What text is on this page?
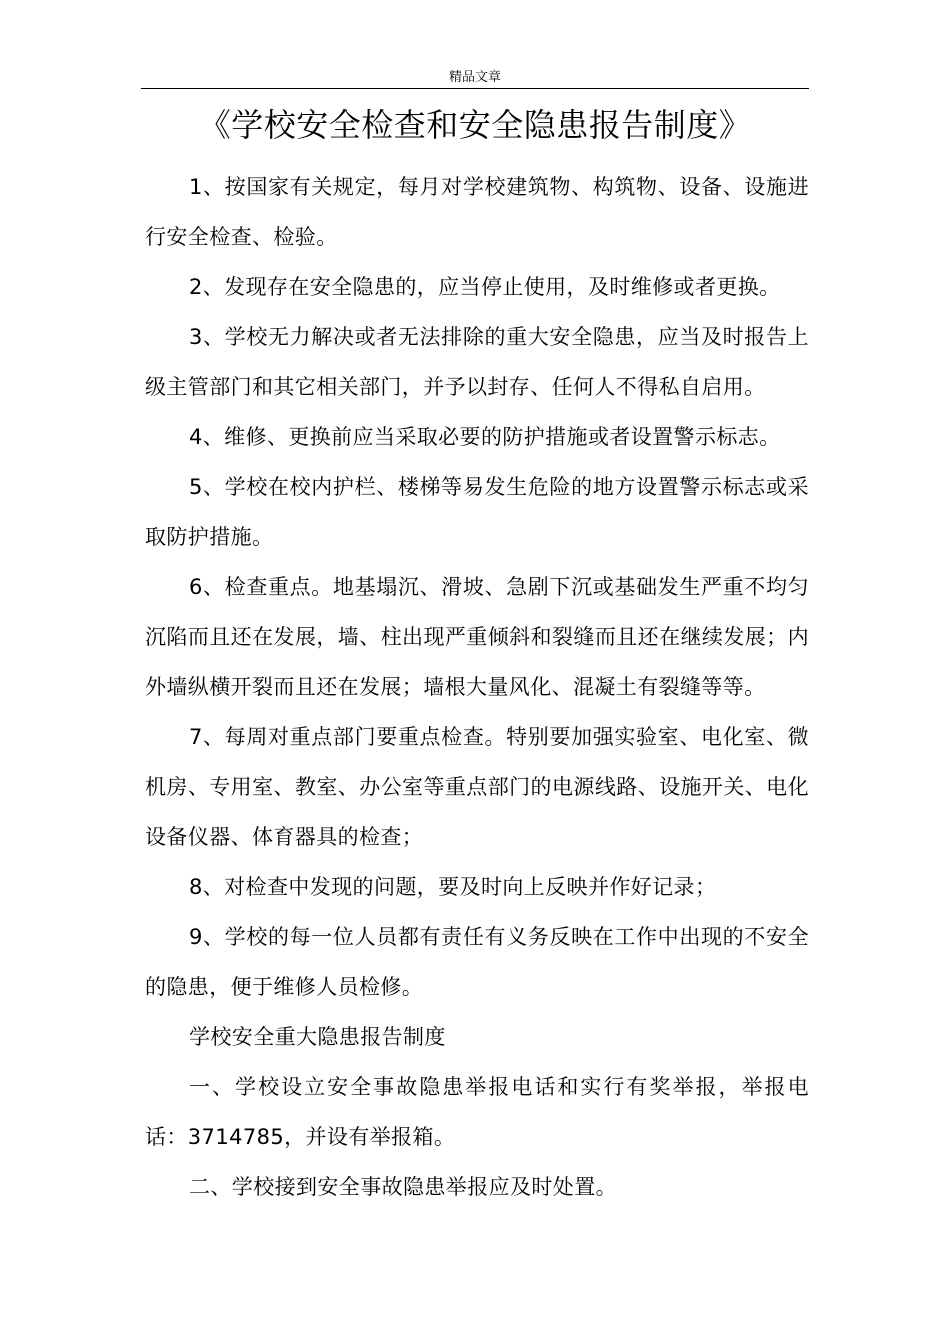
精品文章
《学校安全检查和安全隐患报告制度》

1、按国家有关规定，每月对学校建筑物、构筑物、设备、设施进行安全检查、检验。

2、发现存在安全隐患的，应当停止使用，及时维修或者更换。

3、学校无力解决或者无法排除的重大安全隐患，应当及时报告上级主管部门和其它相关部门，并予以封存、任何人不得私自启用。

4、维修、更换前应当采取必要的防护措施或者设置警示标志。

5、学校在校内护栏、楼梯等易发生危险的地方设置警示标志或采取防护措施。

6、检查重点。地基塌沉、滑坡、急剧下沉或基础发生严重不均匀沉陷而且还在发展，墙、柱出现严重倾斜和裂缝而且还在继续发展；内外墙纵横开裂而且还在发展；墙根大量风化、混凝土有裂缝等等。

7、每周对重点部门要重点检查。特别要加强实验室、电化室、微机房、专用室、教室、办公室等重点部门的电源线路、设施开关、电化设备仪器、体育器具的检查；

8、对检查中发现的问题，要及时向上反映并作好记录；

9、学校的每一位人员都有责任有义务反映在工作中出现的不安全的隐患，便于维修人员检修。

学校安全重大隐患报告制度

一、学校设立安全事故隐患举报电话和实行有奖举报，举报电话：3714785，并设有举报箱。

二、学校接到安全事故隐患举报应及时处置。
